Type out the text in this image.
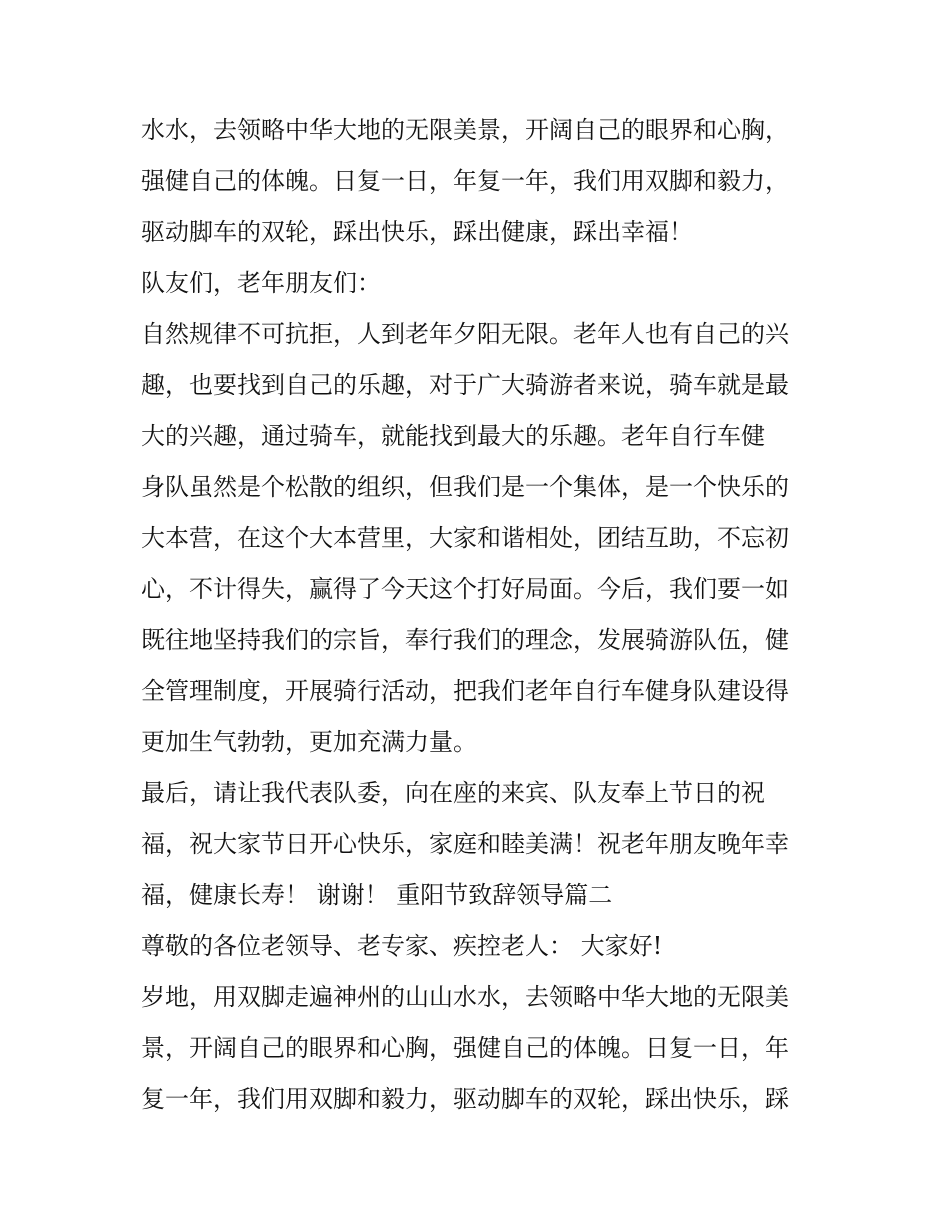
水水，去领略中华大地的无限美景，开阔自己的眼界和心胸，
强健自己的体魄。日复一日，年复一年，我们用双脚和毅力，
驱动脚车的双轮，踩出快乐，踩出健康，踩出幸福！
队友们，老年朋友们：
自然规律不可抗拒，人到老年夕阳无限。老年人也有自己的兴
趣，也要找到自己的乐趣，对于广大骑游者来说，骑车就是最
大的兴趣，通过骑车，就能找到最大的乐趣。老年自行车健
身队虽然是个松散的组织，但我们是一个集体，是一个快乐的
大本营，在这个大本营里，大家和谐相处，团结互助，不忘初
心，不计得失，赢得了今天这个打好局面。今后，我们要一如
既往地坚持我们的宗旨，奉行我们的理念，发展骑游队伍，健
全管理制度，开展骑行活动，把我们老年自行车健身队建设得
更加生气勃勃，更加充满力量。
最后，请让我代表队委，向在座的来宾、队友奉上节日的祝
福，祝大家节日开心快乐，家庭和睦美满！祝老年朋友晚年幸
福，健康长寿！ 谢谢！ 重阳节致辞领导篇二
尊敬的各位老领导、老专家、疾控老人： 大家好!
岁地，用双脚走遍神州的山山水水，去领略中华大地的无限美
景，开阔自己的眼界和心胸，强健自己的体魄。日复一日，年
复一年，我们用双脚和毅力，驱动脚车的双轮，踩出快乐，踩
